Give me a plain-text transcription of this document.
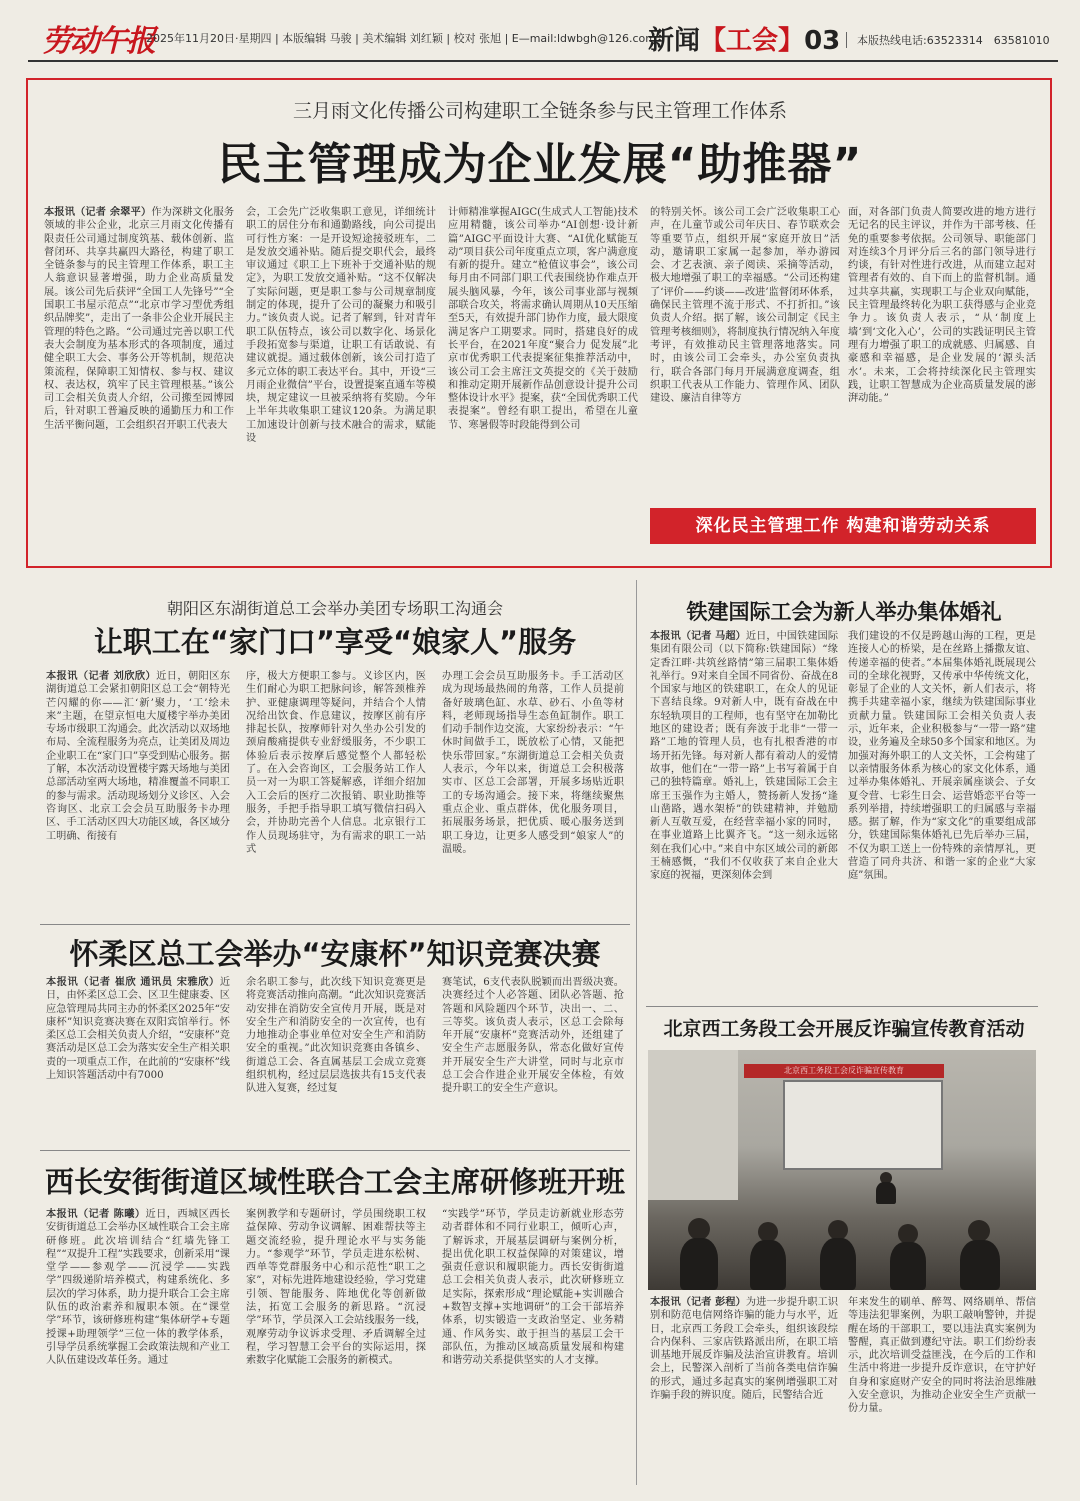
劳动午报
2025年11月20日·星期四 | 本版编辑 马骏 | 美术编辑 刘红颖 | 校对 张旭 | E—mail:ldwbgh@126.com
新闻【工会】03	本版热线电话:63523314　63581010
三月雨文化传播公司构建职工全链条参与民主管理工作体系
民主管理成为企业发展“助推器”
本报讯（记者 余翠平）作为深耕文化服务领域的非公企业，北京三月雨文化传播有限责任公司通过制度筑基、载体创新、监督闭环、共享共赢四大路径，构建了职工全链条参与的民主管理工作体系，职工主人翁意识显著增强，助力企业高质量发展。该公司先后获评“全国工人先锋号”“全国职工书屋示范点”“北京市学习型优秀组织品牌奖”，走出了一条非公企业开展民主管理的特色之路。“公司通过完善以职工代表大会制度为基本形式的各项制度，通过健全职工大会、事务公开等机制，规范决策流程，保障职工知情权、参与权、建议权、表达权，筑牢了民主管理根基。”该公司工会相关负责人介绍，公司搬至园博园后，针对职工普遍反映的通勤压力和工作生活平衡问题，工会组织召开职工代表大
会，工会先广泛收集职工意见，详细统计职工的居住分布和通勤路线，向公司提出可行性方案：一是开设短途接驳班车，二是发放交通补贴。随后提交职代会，最终审议通过《职工上下班补于交通补贴的规定》，为职工发放交通补贴。“这不仅解决了实际问题，更是职工参与公司规章制度制定的体现，提升了公司的凝聚力和吸引力。”该负责人说。记者了解到，针对青年职工队伍特点，该公司以数字化、场景化手段拓宽参与渠道，让职工有话敢说、有建议就提。通过载体创新，该公司打造了多元立体的职工表达平台。其中，开设“三月雨企业微信”平台，设置提案直通车等模块，规定建议一旦被采纳将有奖励。今年上半年共收集职工建议120条。为满足职工加速设计创新与技术融合的需求，赋能设
计师精准掌握AIGC(生成式人工智能)技术应用精髓，该公司举办“AI创想·设计新篇”AIGC平面设计大赛、“AI优化赋能互动”项目获公司年度重点立项，客户满意度有新的提升。建立“枪值议事会”，该公司每月由不同部门职工代表围绕协作难点开展头脑风暴，今年，该公司事业部与视频部联合攻关，将需求确认周期从10天压缩至5天，有效提升部门协作力度，最大限度满足客户工期要求。同时，搭建良好的成长平台，在2021年度“聚合力 促发展”北京市优秀职工代表提案征集推荐活动中，该公司工会主席汪文英提交的《关于鼓励和推动定期开展新作品创意设计提升公司整体设计水平》提案，获“全国优秀职工代表提案”。曾经有职工提出，希望在儿童节、寒暑假等时段能得到公司
的特别关怀。该公司工会广泛收集职工心声，在儿童节或公司年庆日、春节联欢会等重要节点，组织开展“家庭开放日”活动，邀请职工家属一起参加，举办游园会、才艺表演、亲子阅读、采摘等活动，极大地增强了职工的幸福感。“公司还构建了‘评价——约谈——改进’监督闭环体系，确保民主管理不流于形式、不打折扣。”该负责人介绍。据了解，该公司制定《民主管理考核细则》，将制度执行情况纳入年度考评，有效推动民主管理落地落实。同时，由该公司工会牵头，办公室负责执行，联合各部门每月开展满意度调查，组织职工代表从工作能力、管理作风、团队建设、廉洁自律等方
面，对各部门负责人简要改进的地方进行无记名的民主评议，并作为干部考核、任免的重要参考依据。公司领导、职能部门对连续3个月评分后三名的部门领导进行约谈，有针对性进行改进，从而建立起对管理者有效的、自下而上的监督机制。通过共享共赢，实现职工与企业双向赋能，民主管理最终转化为职工获得感与企业竞争力。该负责人表示，“从‘制度上墙’到‘文化入心’，公司的实践证明民主管理有力增强了职工的成就感、归属感、自豪感和幸福感，是企业发展的‘源头活水’。未来，工会将持续深化民主管理实践，让职工智慧成为企业高质量发展的澎湃动能。”
深化民主管理工作 构建和谐劳动关系
朝阳区东湖街道总工会举办美团专场职工沟通会
让职工在“家门口”享受“娘家人”服务
本报讯（记者 刘欣欣）近日，朝阳区东湖街道总工会紧扣朝阳区总工会“朝特光芒闪耀的你——汇‘新’聚力，‘工’绘未来”主题，在望京恒电大厦楼宇举办美团专场市级职工沟通会。此次活动以双场地布局、全流程服务为亮点，让美团及周边企业职工在“家门口”享受到贴心服务。据了解，本次活动设置楼宇露天场地与美团总部活动室两大场地，精准覆盖不同职工的参与需求。活动现场划分义诊区、入会咨询区、北京工会会员互助服务卡办理区、手工活动区四大功能区域，各区域分工明确、衔接有
序，极大方便职工参与。义诊区内，医生们耐心为职工把脉问诊，解答颈椎养护、亚健康调理等疑问，并结合个人情况给出饮食、作息建议，按摩区前有序排起长队，按摩师针对久坐办公引发的颈肩酸痛提供专业舒缓服务，不少职工体验后表示按摩后感觉整个人都轻松了。在入会咨询区，工会服务站工作人员一对一为职工答疑解惑，详细介绍加入工会后的医疗二次报销、职业助推等服务，手把手指导职工填写微信扫码入会，并协助完善个人信息。北京银行工作人员现场驻守，为有需求的职工一站式
办理工会会员互助服务卡。手工活动区成为现场最热闹的角落，工作人员提前备好玻璃色缸、水草、砂石、小鱼等材料，老师现场指导生态鱼缸制作。职工们动手制作边交流，大家纷纷表示：“午休时间做手工，既放松了心情，又能把快乐带回家。”东湖街道总工会相关负责人表示，今年以来，街道总工会积极落实市、区总工会部署，开展多场贴近职工的专场沟通会。接下来，将继续聚焦重点企业、重点群体，优化服务项目，拓展服务场景，把优质、暖心服务送到职工身边，让更多人感受到“娘家人”的温暖。
怀柔区总工会举办“安康杯”知识竞赛决赛
本报讯（记者 崔欣 通讯员 宋雅欣）近日，由怀柔区总工会、区卫生健康委、区应急管理局共同主办的怀柔区2025年“安康杯”知识竞赛决赛在双阳宾馆举行。怀柔区总工会相关负责人介绍，“安康杯”竞赛活动是区总工会为落实安全生产相关职责的一项重点工作，在此前的“安康杯”线上知识答题活动中有7000
余名职工参与，此次线下知识竞赛更是将竞赛活动推向高潮。“此次知识竞赛活动安排在消防安全宣传月开展，既是对安全生产和消防安全的一次宣传，也有力地推动企事业单位对安全生产和消防安全的重视。”此次知识竞赛由各镇乡、街道总工会、各直属基层工会成立竞赛组织机构，经过层层选拔共有15支代表队进入复赛，经过复
赛笔试，6支代表队脱颖而出晋级决赛。决赛经过个人必答题、团队必答题、抢答题和风险题四个环节，决出一、二、三等奖。该负责人表示，区总工会除每年开展“安康杯”竞赛活动外，还组建了安全生产志愿服务队，常态化做好宣传并开展安全生产大讲堂，同时与北京市总工会合作进企业开展安全体检，有效提升职工的安全生产意识。
西长安街街道区域性联合工会主席研修班开班
本报讯（记者 陈曦）近日，西城区西长安街街道总工会举办区域性联合工会主席研修班。此次培训结合“红墙先锋工程”“双提升工程”实践要求，创新采用“课堂学——参观学——沉浸学——实践学”四级递阶培养模式，构建系统化、多层次的学习体系，助力提升联合工会主席队伍的政治素养和履职本领。在“课堂学”环节，该研修班构建“集体研学+专题授课+助理领学”三位一体的教学体系，引导学员系统掌握工会政策法规和产业工人队伍建设改革任务。通过
案例教学和专题研讨，学员围绕职工权益保障、劳动争议调解、困难帮扶等主题交流经验，提升理论水平与实务能力。“参观学”环节，学员走进东松树、西单等党群服务中心和示范性“职工之家”，对标先进阵地建设经验，学习党建引领、智能服务、阵地优化等创新做法，拓宽工会服务的新思路。“沉浸学”环节，学员深入工会站线服务一线，观摩劳动争议诉求受理、矛盾调解全过程，学习智慧工会平台的实际运用，探索数字化赋能工会服务的新模式。
“实践学”环节，学员走访新就业形态劳动者群体和不同行业职工，倾听心声，了解诉求，开展基层调研与案例分析，提出优化职工权益保障的对策建议，增强责任意识和履职能力。西长安街街道总工会相关负责人表示，此次研修班立足实际，探索形成“理论赋能+实训融合+数智支撑+实地调研”的工会干部培养体系，切实锻造一支政治坚定、业务精通、作风务实、敢于担当的基层工会干部队伍，为推动区域高质量发展和构建和谐劳动关系提供坚实的人才支撑。
铁建国际工会为新人举办集体婚礼
本报讯（记者 马超）近日，中国铁建国际集团有限公司（以下简称:铁建国际）“缘定香江畔·共筑丝路情”第三届职工集体婚礼举行。9对来自全国不同省份、奋战在8个国家与地区的铁建职工，在众人的见证下喜结良缘。9对新人中，既有奋战在中东轻轨项目的工程师，也有坚守在加勒比地区的建设者；既有奔波于北非“一带一路”工地的管理人员，也有扎根香港的市场开拓先锋。每对新人都有着动人的爱情故事，他们在“一带一路”上书写着属于自己的独特篇章。婚礼上，铁建国际工会主席王玉强作为主婚人，赞扬新人发扬“逢山凿路，遇水架桥”的铁建精神，并勉励新人互敬互爱，在经营幸福小家的同时，在事业道路上比翼齐飞。“这一刻永远铭刻在我们心中。”来自中东区域公司的新郎王楠感慨，“我们不仅收获了来自企业大家庭的祝福，更深刻体会到
我们建设的不仅是跨越山海的工程，更是连接人心的桥梁，是在丝路上播撒友谊、传递幸福的使者。”本届集体婚礼既展现公司的全球化视野，又传承中华传统文化，彰显了企业的人文关怀，新人们表示，将携手共建幸福小家，继续为铁建国际事业贡献力量。铁建国际工会相关负责人表示，近年来，企业积极参与“一带一路”建设，业务遍及全球50多个国家和地区。为加强对海外职工的人文关怀，工会构建了以亲情服务体系为核心的家文化体系，通过举办集体婚礼、开展亲属座谈会、子女夏令营、七彩生日会、运营婚恋平台等一系列举措，持续增强职工的归属感与幸福感。据了解，作为“家文化”的重要组成部分，铁建国际集体婚礼已先后举办三届，不仅为职工送上一份特殊的亲情厚礼，更营造了同舟共济、和谐一家的企业“大家庭”氛围。
北京西工务段工会开展反诈骗宣传教育活动
北京西工务段工会反诈骗宣传教育
本报讯（记者 彭程）为进一步提升职工识别和防范电信网络诈骗的能力与水平，近日，北京西工务段工会牵头，组织该段综合内保科、三家店铁路派出所，在职工培训基地开展反诈骗及法治宣讲教育。培训会上，民警深入剖析了当前各类电信诈骗的形式，通过多起真实的案例增强职工对诈骗手段的辨识度。随后，民警结合近
年来发生的刷单、醉驾、网络刷单、帮信等违法犯罪案例，为职工敲响警钟，并提醒在场的干部职工，要以违法真实案例为警醒，真正做到遵纪守法。职工们纷纷表示，此次培训受益匪浅，在今后的工作和生活中将进一步提升反诈意识，在守护好自身和家庭财产安全的同时将法治思维融入安全意识，为推动企业安全生产贡献一份力量。
